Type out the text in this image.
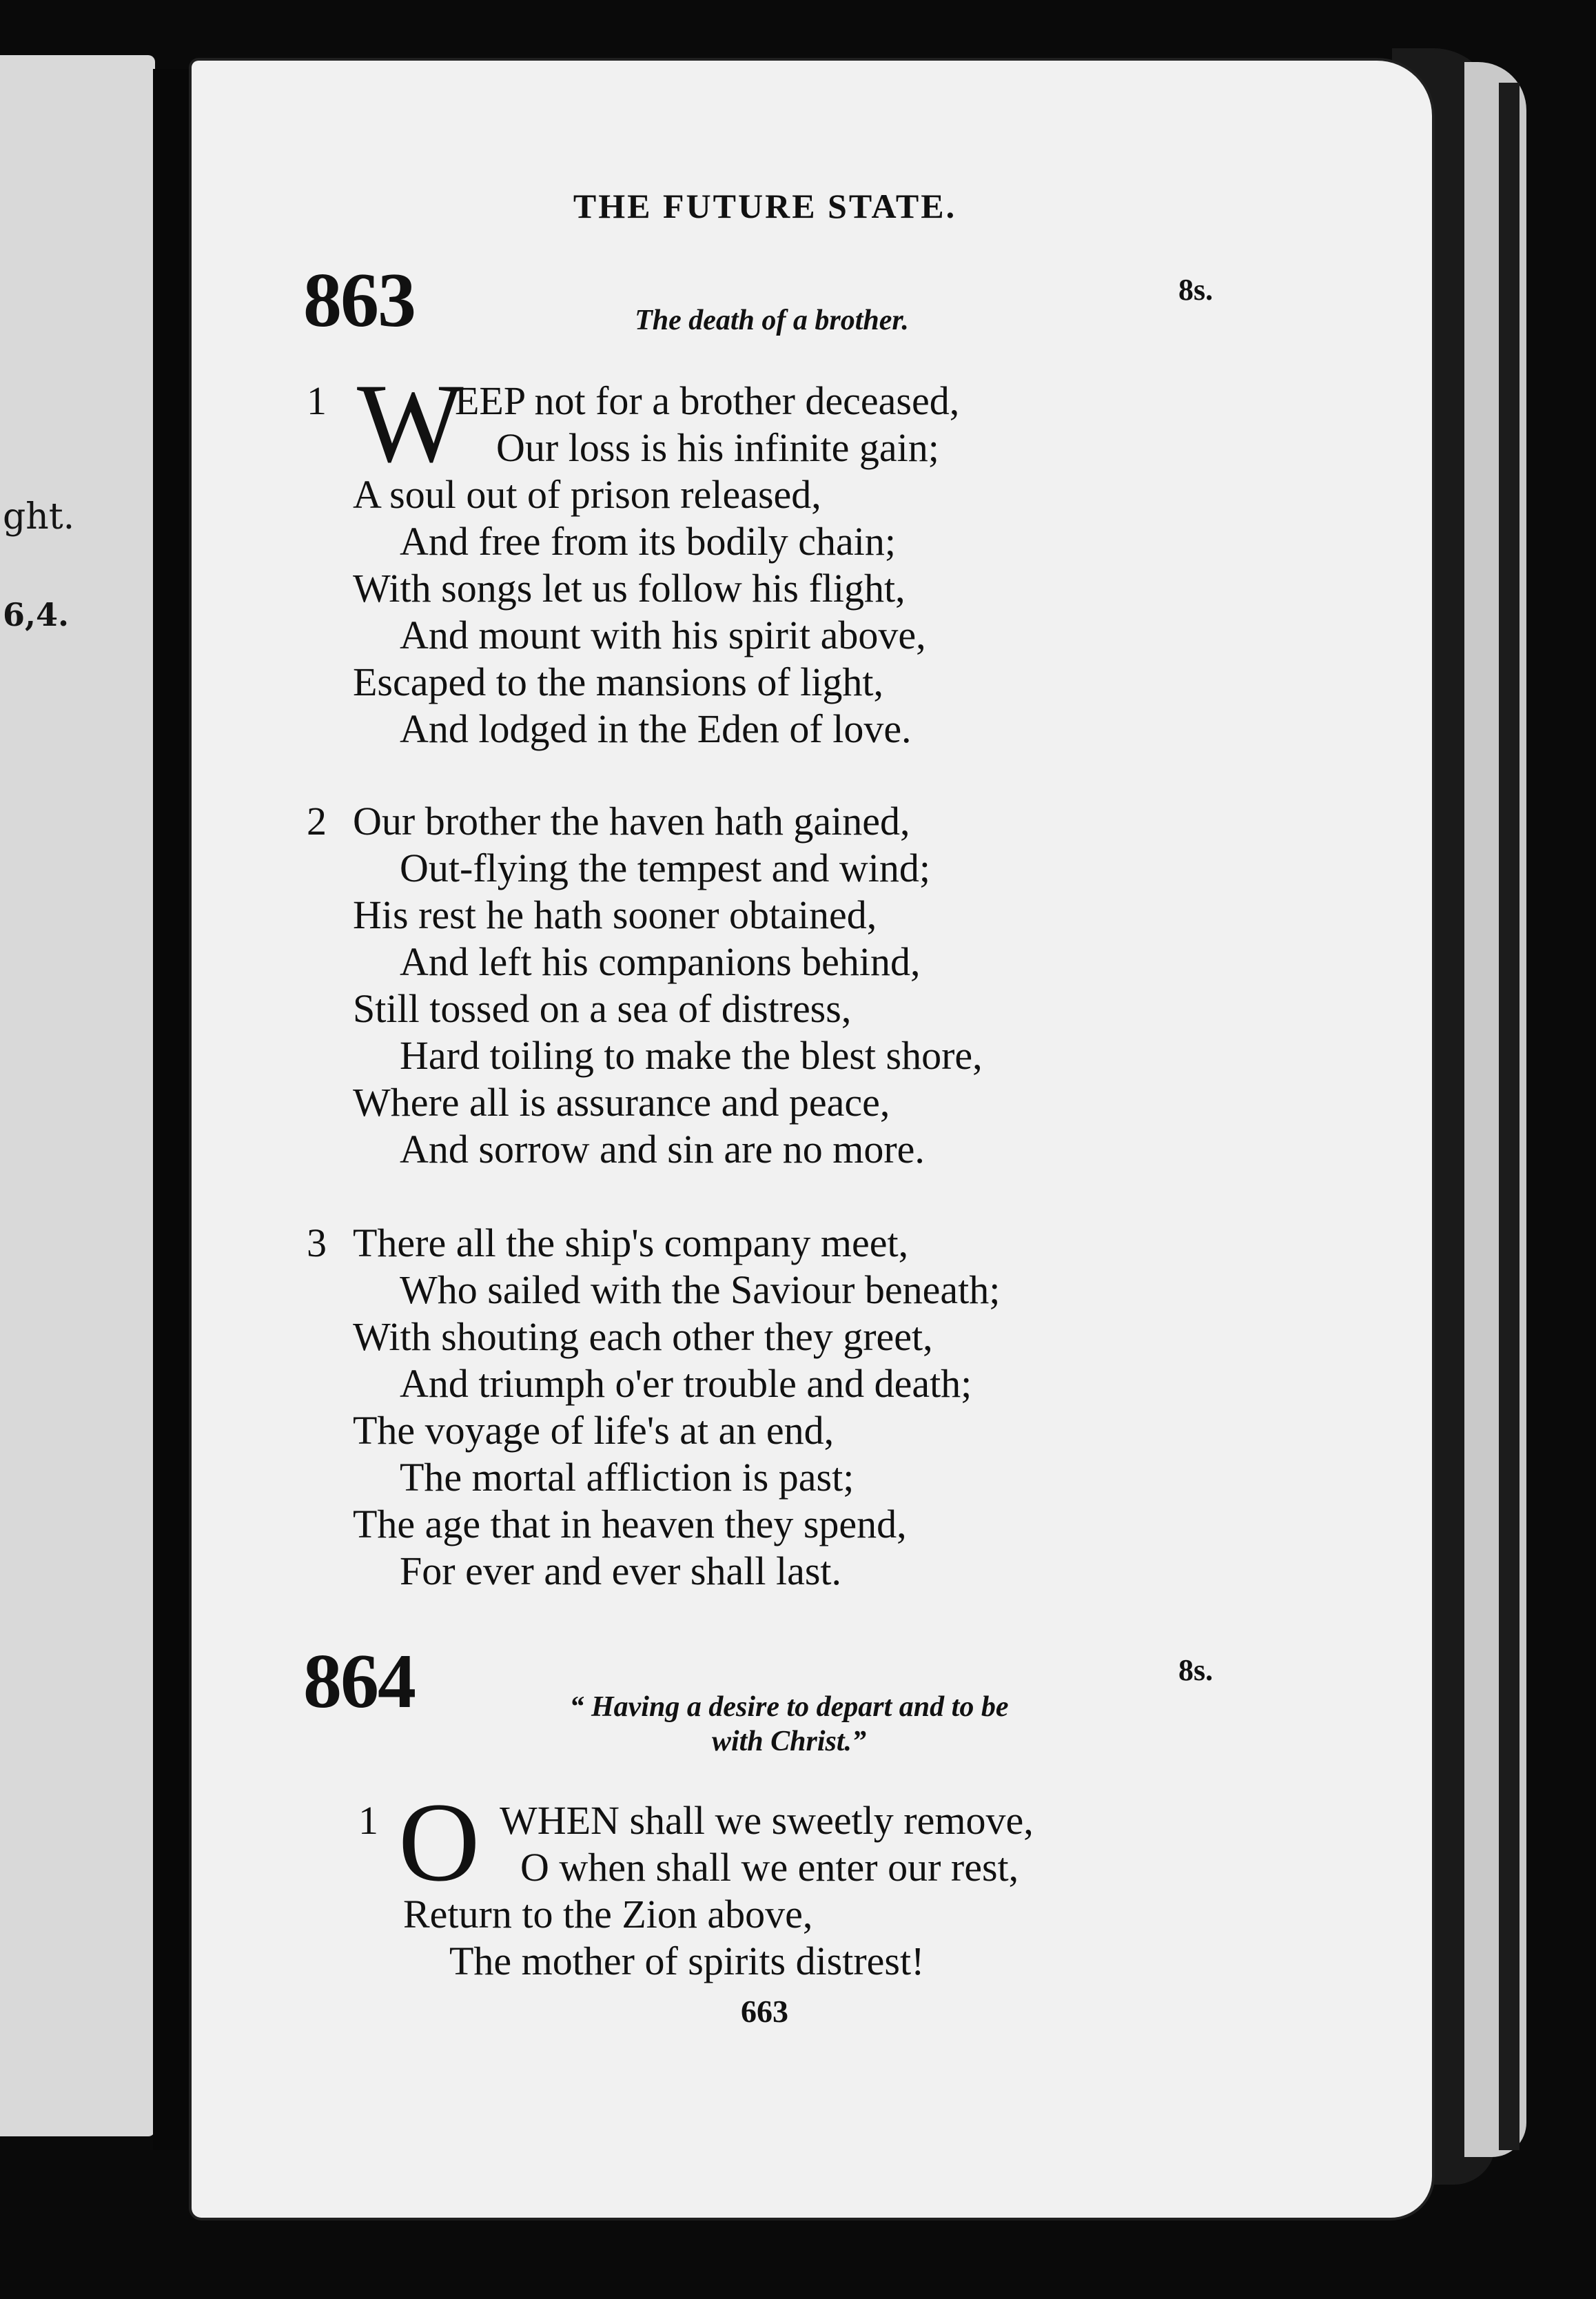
ght.
6,4.
THE FUTURE STATE.
863	The death of a brother.
8s.
1 W
EEP not for a brother deceased,
Our loss is his infinite gain;
A soul out of prison released,
And free from its bodily chain;
With songs let us follow his flight,
And mount with his spirit above,
Escaped to the mansions of light,
And lodged in the Eden of love.
2 Our brother the haven hath gained,
Out-flying the tempest and wind;
His rest he hath sooner obtained,
And left his companions behind,
Still tossed on a sea of distress,
Hard toiling to make the blest shore,
Where all is assurance and peace,
And sorrow and sin are no more.
3 There all the ship's company meet,
Who sailed with the Saviour beneath;
With shouting each other they greet,
And triumph o'er trouble and death;
The voyage of life's at an end,
The mortal affliction is past;
The age that in heaven they spend,
For ever and ever shall last.
864	8s.
“ Having a desire to depart and to be
with Christ.”
1 O WHEN shall we sweetly remove,
O when shall we enter our rest,
Return to the Zion above,
The mother of spirits distrest!
663
